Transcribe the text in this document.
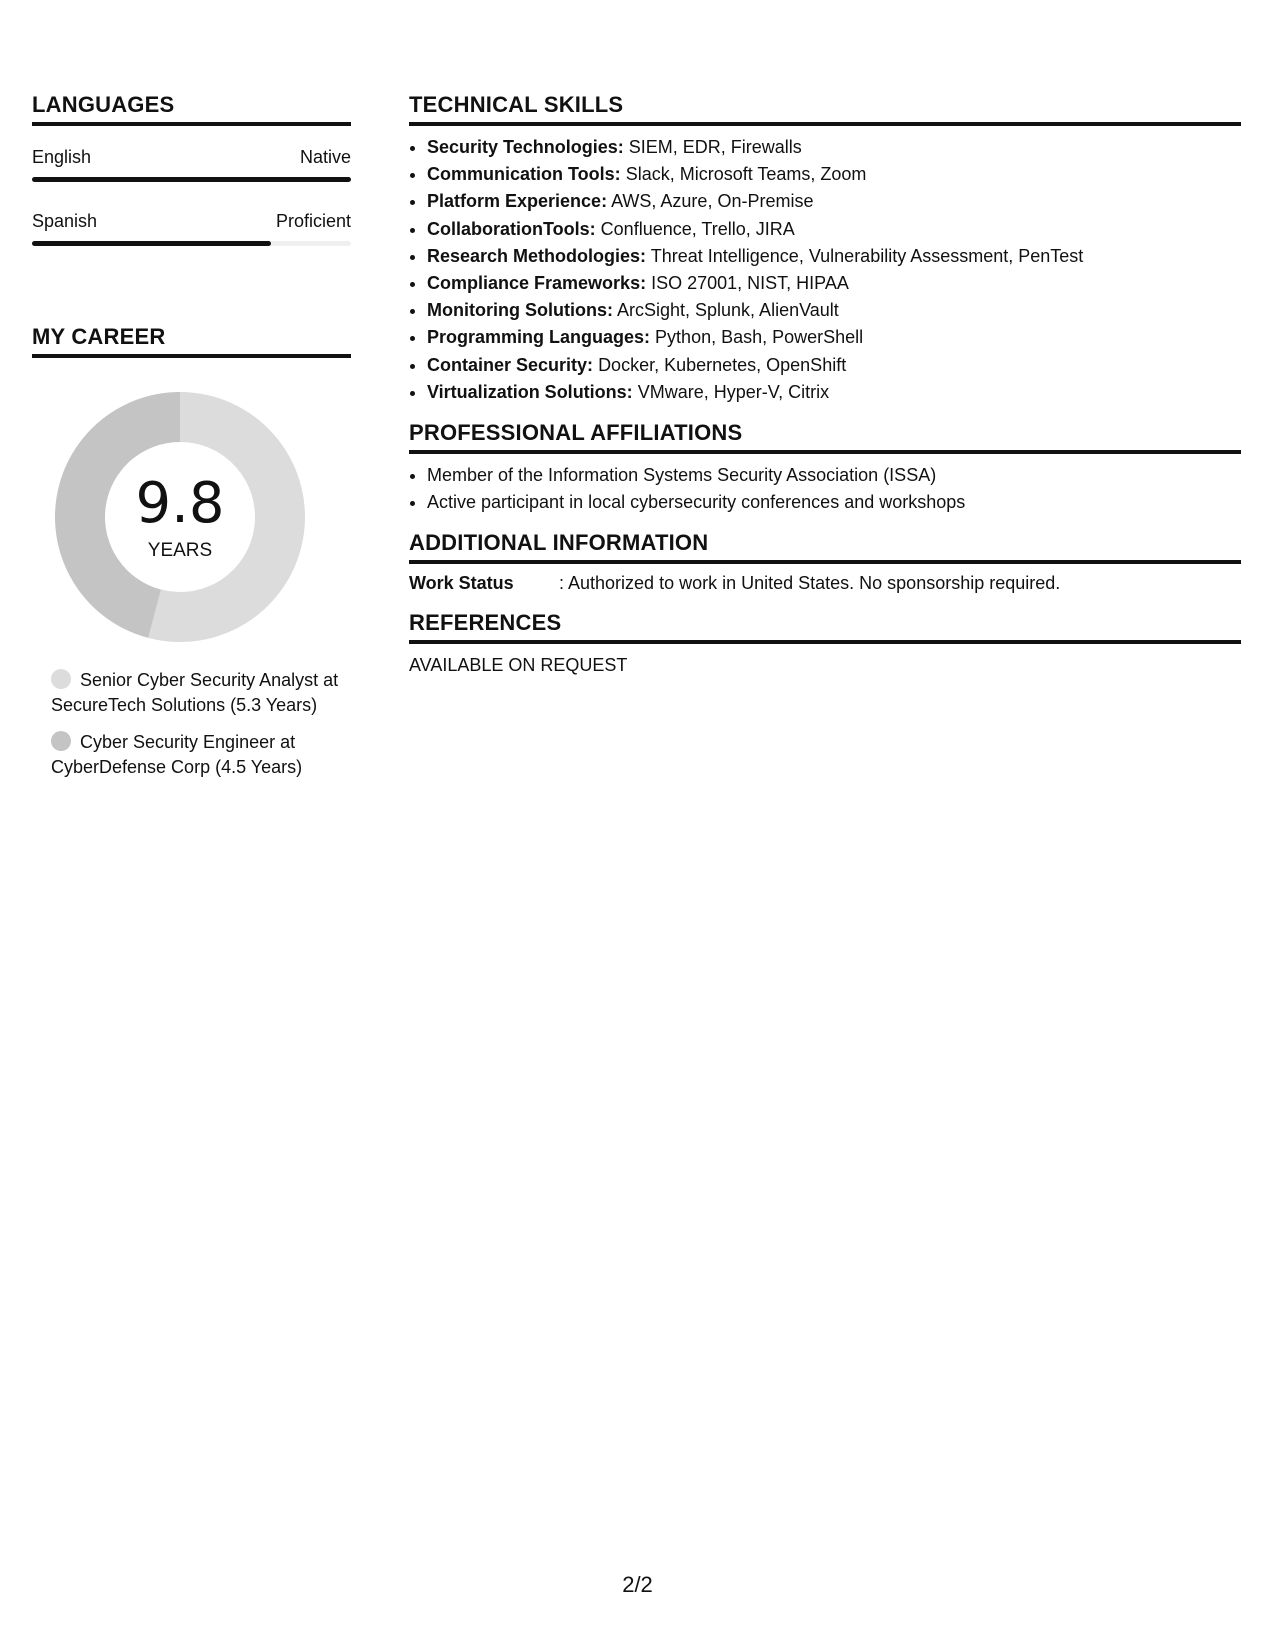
LANGUAGES
English	Native
Spanish	Proficient
MY CAREER
9.8
YEARS
Senior Cyber Security Analyst at SecureTech Solutions (5.3 Years)
Cyber Security Engineer at CyberDefense Corp (4.5 Years)
TECHNICAL SKILLS
• Security Technologies: SIEM, EDR, Firewalls
• Communication Tools: Slack, Microsoft Teams, Zoom
• Platform Experience: AWS, Azure, On-Premise
• CollaborationTools: Confluence, Trello, JIRA
• Research Methodologies: Threat Intelligence, Vulnerability Assessment, PenTest
• Compliance Frameworks: ISO 27001, NIST, HIPAA
• Monitoring Solutions: ArcSight, Splunk, AlienVault
• Programming Languages: Python, Bash, PowerShell
• Container Security: Docker, Kubernetes, OpenShift
• Virtualization Solutions: VMware, Hyper-V, Citrix
PROFESSIONAL AFFILIATIONS
• Member of the Information Systems Security Association (ISSA)
• Active participant in local cybersecurity conferences and workshops
ADDITIONAL INFORMATION
Work Status	: Authorized to work in United States. No sponsorship required.
REFERENCES
AVAILABLE ON REQUEST
2/2
